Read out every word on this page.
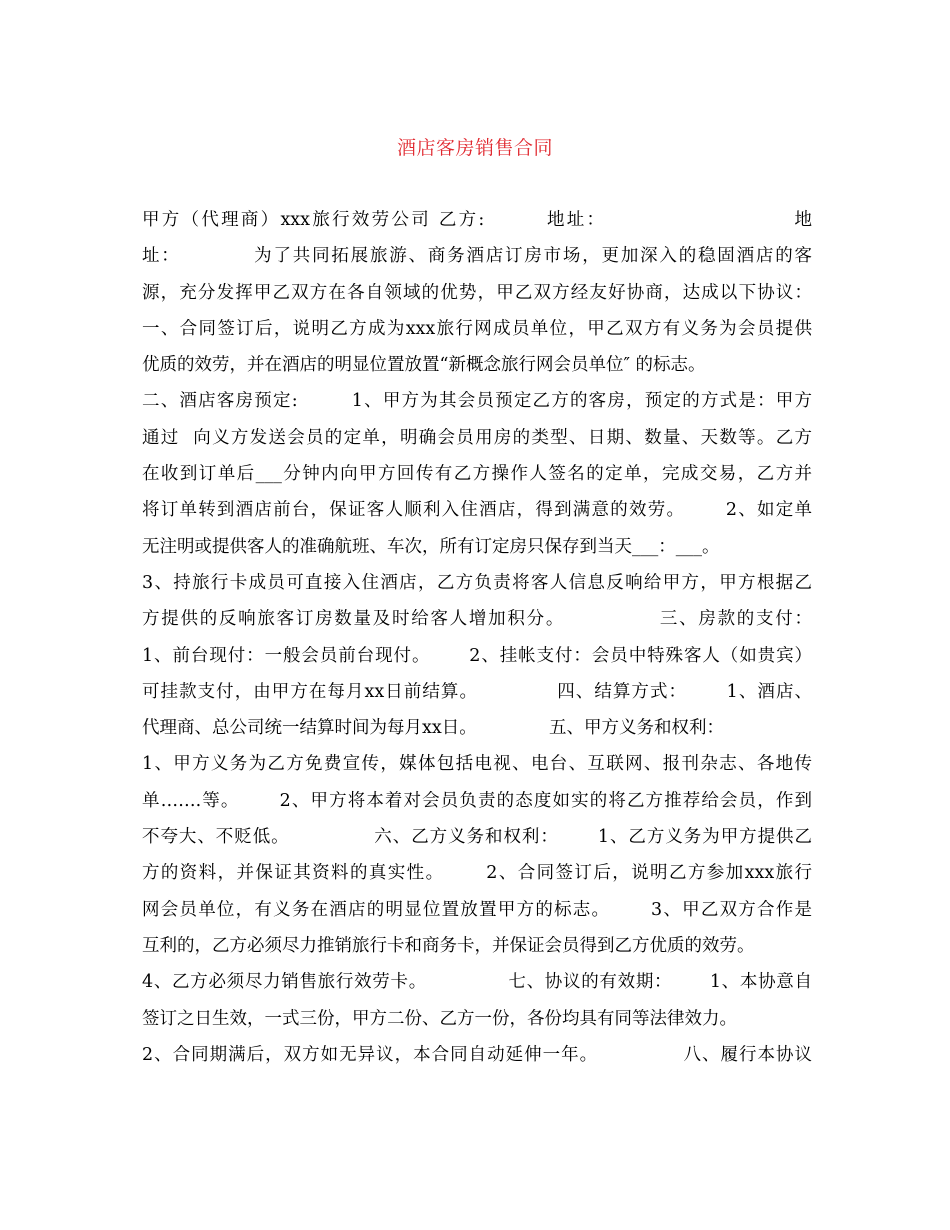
酒店客房销售合同
甲方（代理商）xxx旅行效劳公司 乙方:        地址：                        地
址：          为了共同拓展旅游、商务酒店订房市场，更加深入的稳固酒店的客
源，充分发挥甲乙双方在各自领域的优势，甲乙双方经友好协商，达成以下协议：
一、合同签订后，说明乙方成为xxx旅行网成员单位，甲乙双方有义务为会员提供
优质的效劳，并在酒店的明显位置放置“新概念旅行网会员单位″ 的标志。
二、酒店客房预定:        1、甲方为其会员预定乙方的客房，预定的方式是：甲方
通过  向义方发送会员的定单，明确会员用房的类型、日期、数量、天数等。乙方
在收到订单后___分钟内向甲方回传有乙方操作人签名的定单，完成交易，乙方并
将订单转到酒店前台，保证客人顺利入住酒店，得到满意的效劳。      2、如定单
无注明或提供客人的准确航班、车次，所有订定房只保存到当天___：___。
3、持旅行卡成员可直接入住酒店，乙方负责将客人信息反响给甲方，甲方根据乙
方提供的反响旅客订房数量及时给客人增加积分。             三、房款的支付：
1、前台现付：一般会员前台现付。      2、挂帐支付：会员中特殊客人（如贵宾）
可挂款支付，由甲方在每月xx日前结算。            四、结算方式：      1、酒店、
代理商、总公司统一结算时间为每月xx日。             五、甲方义务和权利：
1、甲方义务为乙方免费宣传，媒体包括电视、电台、互联网、报刊杂志、各地传
单…….等。      2、甲方将本着对会员负责的态度如实的将乙方推荐给会员，作到
不夸大、不贬低。             六、乙方义务和权利：      1、乙方义务为甲方提供乙
方的资料，并保证其资料的真实性。      2、合同签订后，说明乙方参加xxx旅行
网会员单位，有义务在酒店的明显位置放置甲方的标志。      3、甲乙双方合作是
互利的，乙方必须尽力推销旅行卡和商务卡，并保证会员得到乙方优质的效劳。
4、乙方必须尽力销售旅行效劳卡。             七、协议的有效期：      1、本协意自
签订之日生效，一式三份，甲方二份、乙方一份，各份均具有同等法律效力。
2、合同期满后，双方如无异议，本合同自动延伸一年。             八、履行本协议
